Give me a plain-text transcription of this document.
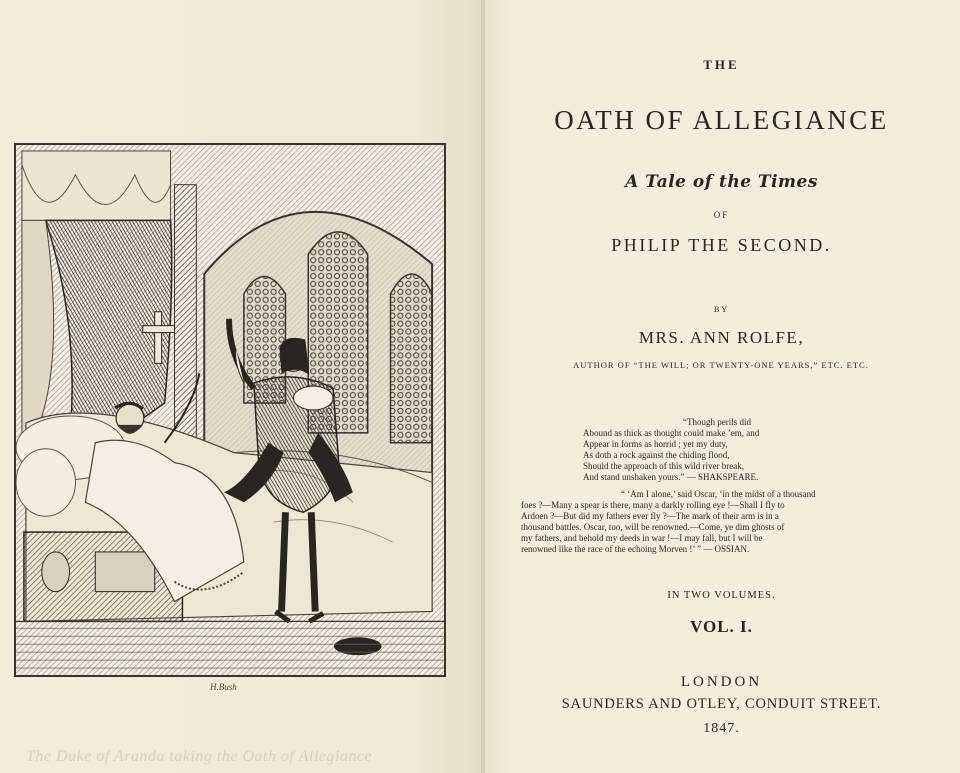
H.Bush
The Duke of Aranda taking the Oath of Allegiance
THE
OATH OF ALLEGIANCE
A Tale of the Times
OF
PHILIP THE SECOND.
BY
MRS. ANN ROLFE,
AUTHOR OF “THE WILL; OR TWENTY-ONE YEARS,” ETC. ETC.
“Though perils did
Abound as thick as thought could make ’em, and
Appear in forms as horrid ; yet my duty,
As doth a rock against the chiding flood,
Should the approach of this wild river break,
And stand unshaken yours.” — SHAKSPEARE.
“ ‘Am I alone,’ said Oscar, ‘in the midst of a thousand
foes ?—Many a spear is there, many a darkly rolling eye !—Shall I fly to
Ardoen ?—But did my fathers ever fly ?—The mark of their arm is in a
thousand battles. Oscar, too, will be renowned.—Come, ye dim ghosts of
my fathers, and behold my deeds in war !—I may fall, but I will be
renowned like the race of the echoing Morven !’ ” — OSSIAN.
IN TWO VOLUMES.
VOL. I.
LONDON
SAUNDERS AND OTLEY, CONDUIT STREET.
1847.
